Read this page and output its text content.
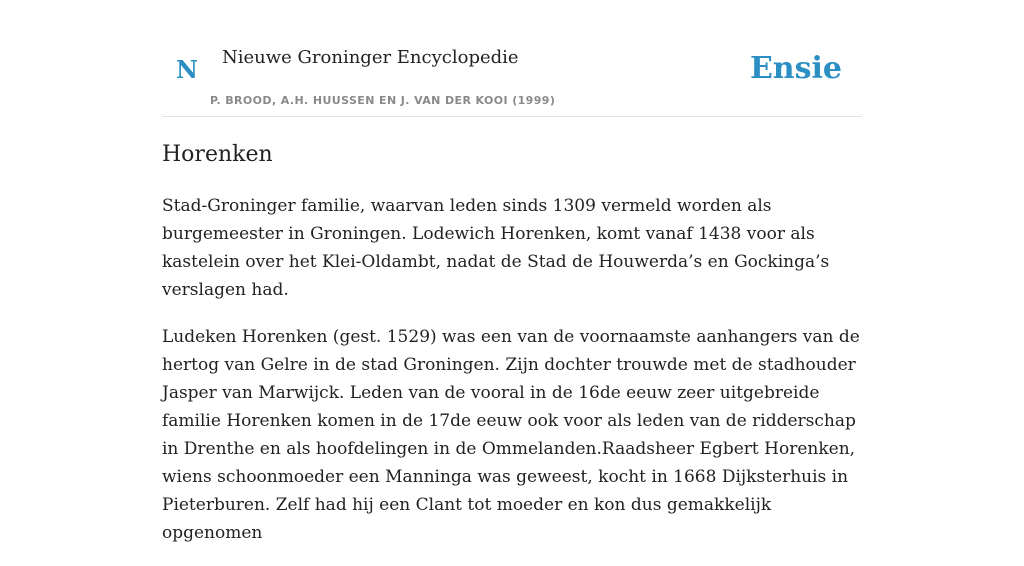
N Nieuwe Groninger Encyclopedie
P. BROOD, A.H. HUUSSEN EN J. VAN DER KOOI (1999)
Ensie
Horenken

Stad-Groninger familie, waarvan leden sinds 1309 vermeld worden als burgemeester in Groningen. Lodewich Horenken, komt vanaf 1438 voor als kastelein over het Klei-Oldambt, nadat de Stad de Houwerda’s en Gockinga’s verslagen had.

Ludeken Horenken (gest. 1529) was een van de voornaamste aanhangers van de hertog van Gelre in de stad Groningen. Zijn dochter trouwde met de stadhouder Jasper van Marwijck. Leden van de vooral in de 16de eeuw zeer uitgebreide familie Horenken komen in de 17de eeuw ook voor als leden van de ridderschap in Drenthe en als hoofdelingen in de Ommelanden.Raadsheer Egbert Horenken, wiens schoonmoeder een Manninga was geweest, kocht in 1668 Dijksterhuis in Pieterburen. Zelf had hij een Clant tot moeder en kon dus gemakkelijk opgenomen
